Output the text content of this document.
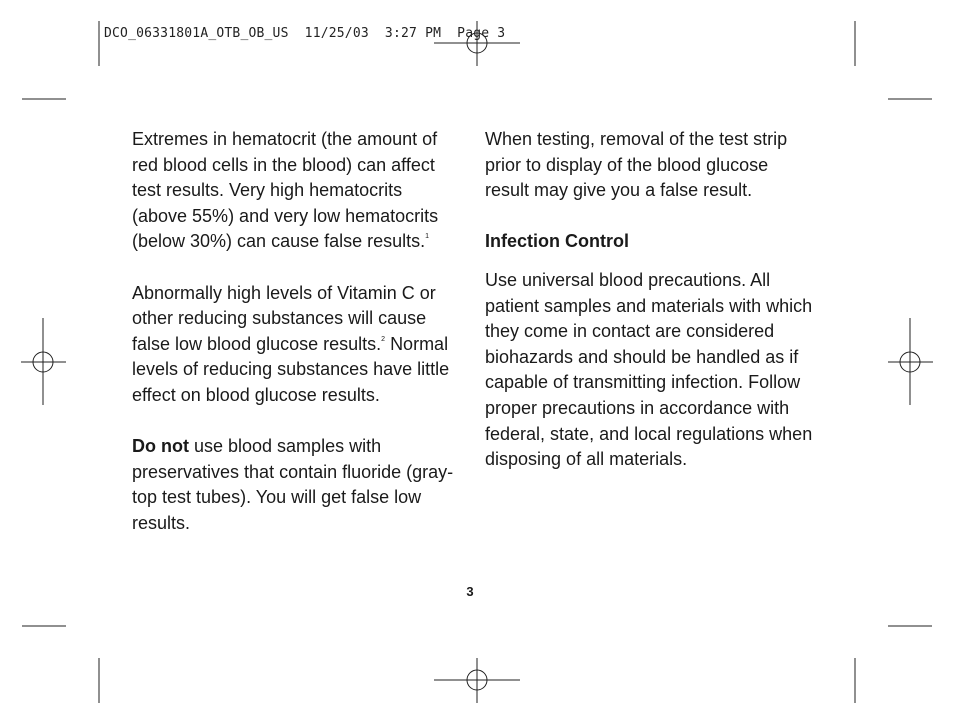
DCO_06331801A_OTB_OB_US  11/25/03  3:27 PM  Page 3

Extremes in hematocrit (the amount of red blood cells in the blood) can affect test results. Very high hematocrits (above 55%) and very low hematocrits (below 30%) can cause false results.$^1$

Abnormally high levels of Vitamin C or other reducing substances will cause false low blood glucose results.$^2$ Normal levels of reducing substances have little effect on blood glucose results.

Do not use blood samples with preservatives that contain fluoride (gray-top test tubes). You will get false low results.

When testing, removal of the test strip prior to display of the blood glucose result may give you a false result.

Infection Control

Use universal blood precautions. All patient samples and materials with which they come in contact are considered biohazards and should be handled as if capable of transmitting infection. Follow proper precautions in accordance with federal, state, and local regulations when disposing of all materials.

3
